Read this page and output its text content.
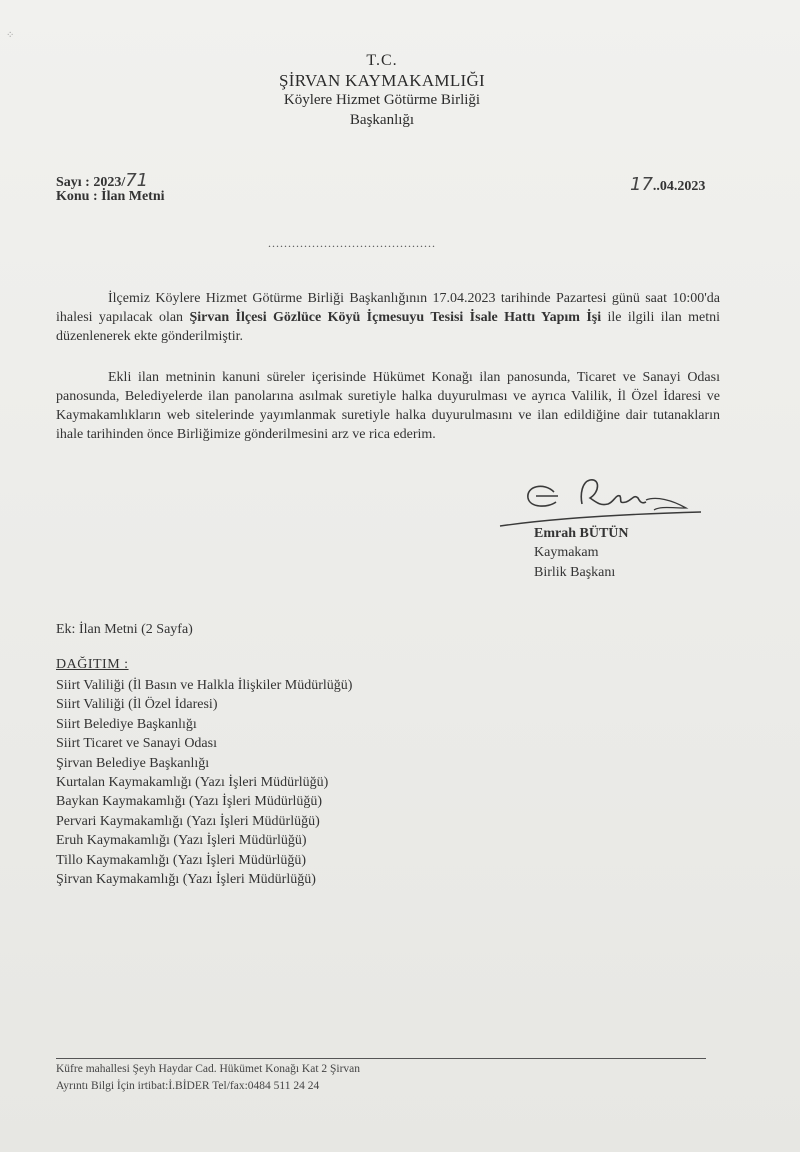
⁘
T.C.
ŞİRVAN KAYMAKAMLIĞI
Köylere Hizmet Götürme Birliği
Başkanlığı
Sayı : 2023/71
Konu : İlan Metni
17..04.2023
..........................................
İlçemiz Köylere Hizmet Götürme Birliği Başkanlığının 17.04.2023 tarihinde Pazartesi günü saat 10:00'da ihalesi yapılacak olan Şirvan İlçesi Gözlüce Köyü İçmesuyu Tesisi İsale Hattı Yapım İşi ile ilgili ilan metni düzenlenerek ekte gönderilmiştir.
Ekli ilan metninin kanuni süreler içerisinde Hükümet Konağı ilan panosunda, Ticaret ve Sanayi Odası panosunda, Belediyelerde ilan panolarına asılmak suretiyle halka duyurulması ve ayrıca Valilik, İl Özel İdaresi ve Kaymakamlıkların web sitelerinde yayımlanmak suretiyle halka duyurulmasını ve ilan edildiğine dair tutanakların ihale tarihinden önce Birliğimize gönderilmesini arz ve rica ederim.
Emrah BÜTÜN
Kaymakam
Birlik Başkanı
Ek: İlan Metni (2 Sayfa)
DAĞITIM :
Siirt Valiliği (İl Basın ve Halkla İlişkiler Müdürlüğü)
Siirt Valiliği (İl Özel İdaresi)
Siirt Belediye Başkanlığı
Siirt Ticaret ve Sanayi Odası
Şirvan Belediye Başkanlığı
Kurtalan Kaymakamlığı (Yazı İşleri Müdürlüğü)
Baykan Kaymakamlığı (Yazı İşleri Müdürlüğü)
Pervari Kaymakamlığı (Yazı İşleri Müdürlüğü)
Eruh Kaymakamlığı (Yazı İşleri Müdürlüğü)
Tillo Kaymakamlığı (Yazı İşleri Müdürlüğü)
Şirvan Kaymakamlığı (Yazı İşleri Müdürlüğü)
Küfre mahallesi Şeyh Haydar Cad. Hükümet Konağı Kat 2 Şirvan
Ayrıntı Bilgi İçin irtibat:İ.BİDER Tel/fax:0484 511 24 24
